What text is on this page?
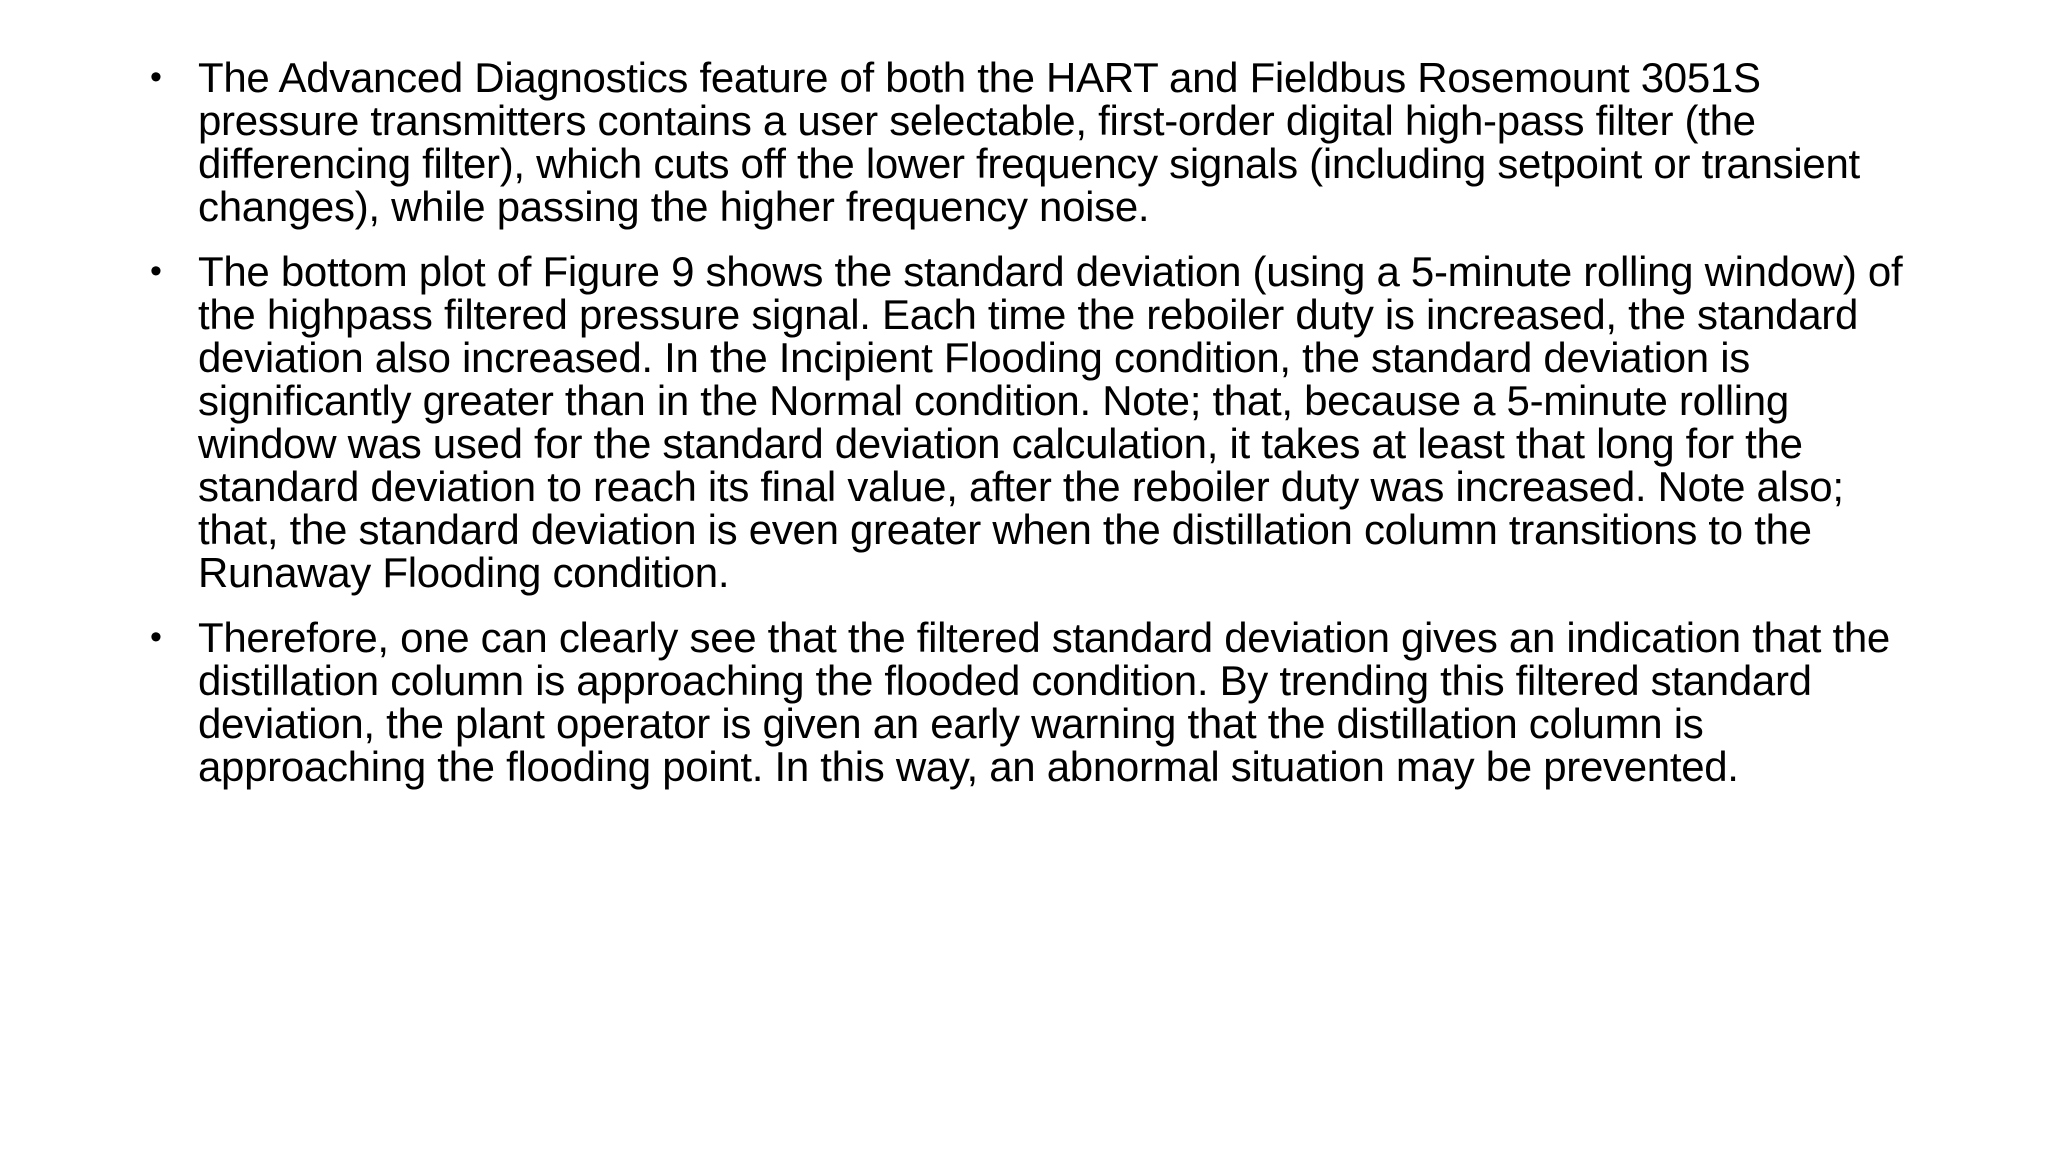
• The Advanced Diagnostics feature of both the HART and Fieldbus Rosemount 3051S pressure transmitters contains a user selectable, first-order digital high-pass filter (the differencing filter), which cuts off the lower frequency signals (including setpoint or transient changes), while passing the higher frequency noise.
• The bottom plot of Figure 9 shows the standard deviation (using a 5-minute rolling window) of the highpass filtered pressure signal. Each time the reboiler duty is increased, the standard deviation also increased. In the Incipient Flooding condition, the standard deviation is significantly greater than in the Normal condition. Note; that, because a 5-minute rolling window was used for the standard deviation calculation, it takes at least that long for the standard deviation to reach its final value, after the reboiler duty was increased. Note also; that, the standard deviation is even greater when the distillation column transitions to the Runaway Flooding condition.
• Therefore, one can clearly see that the filtered standard deviation gives an indication that the distillation column is approaching the flooded condition. By trending this filtered standard deviation, the plant operator is given an early warning that the distillation column is approaching the flooding point. In this way, an abnormal situation may be prevented.
